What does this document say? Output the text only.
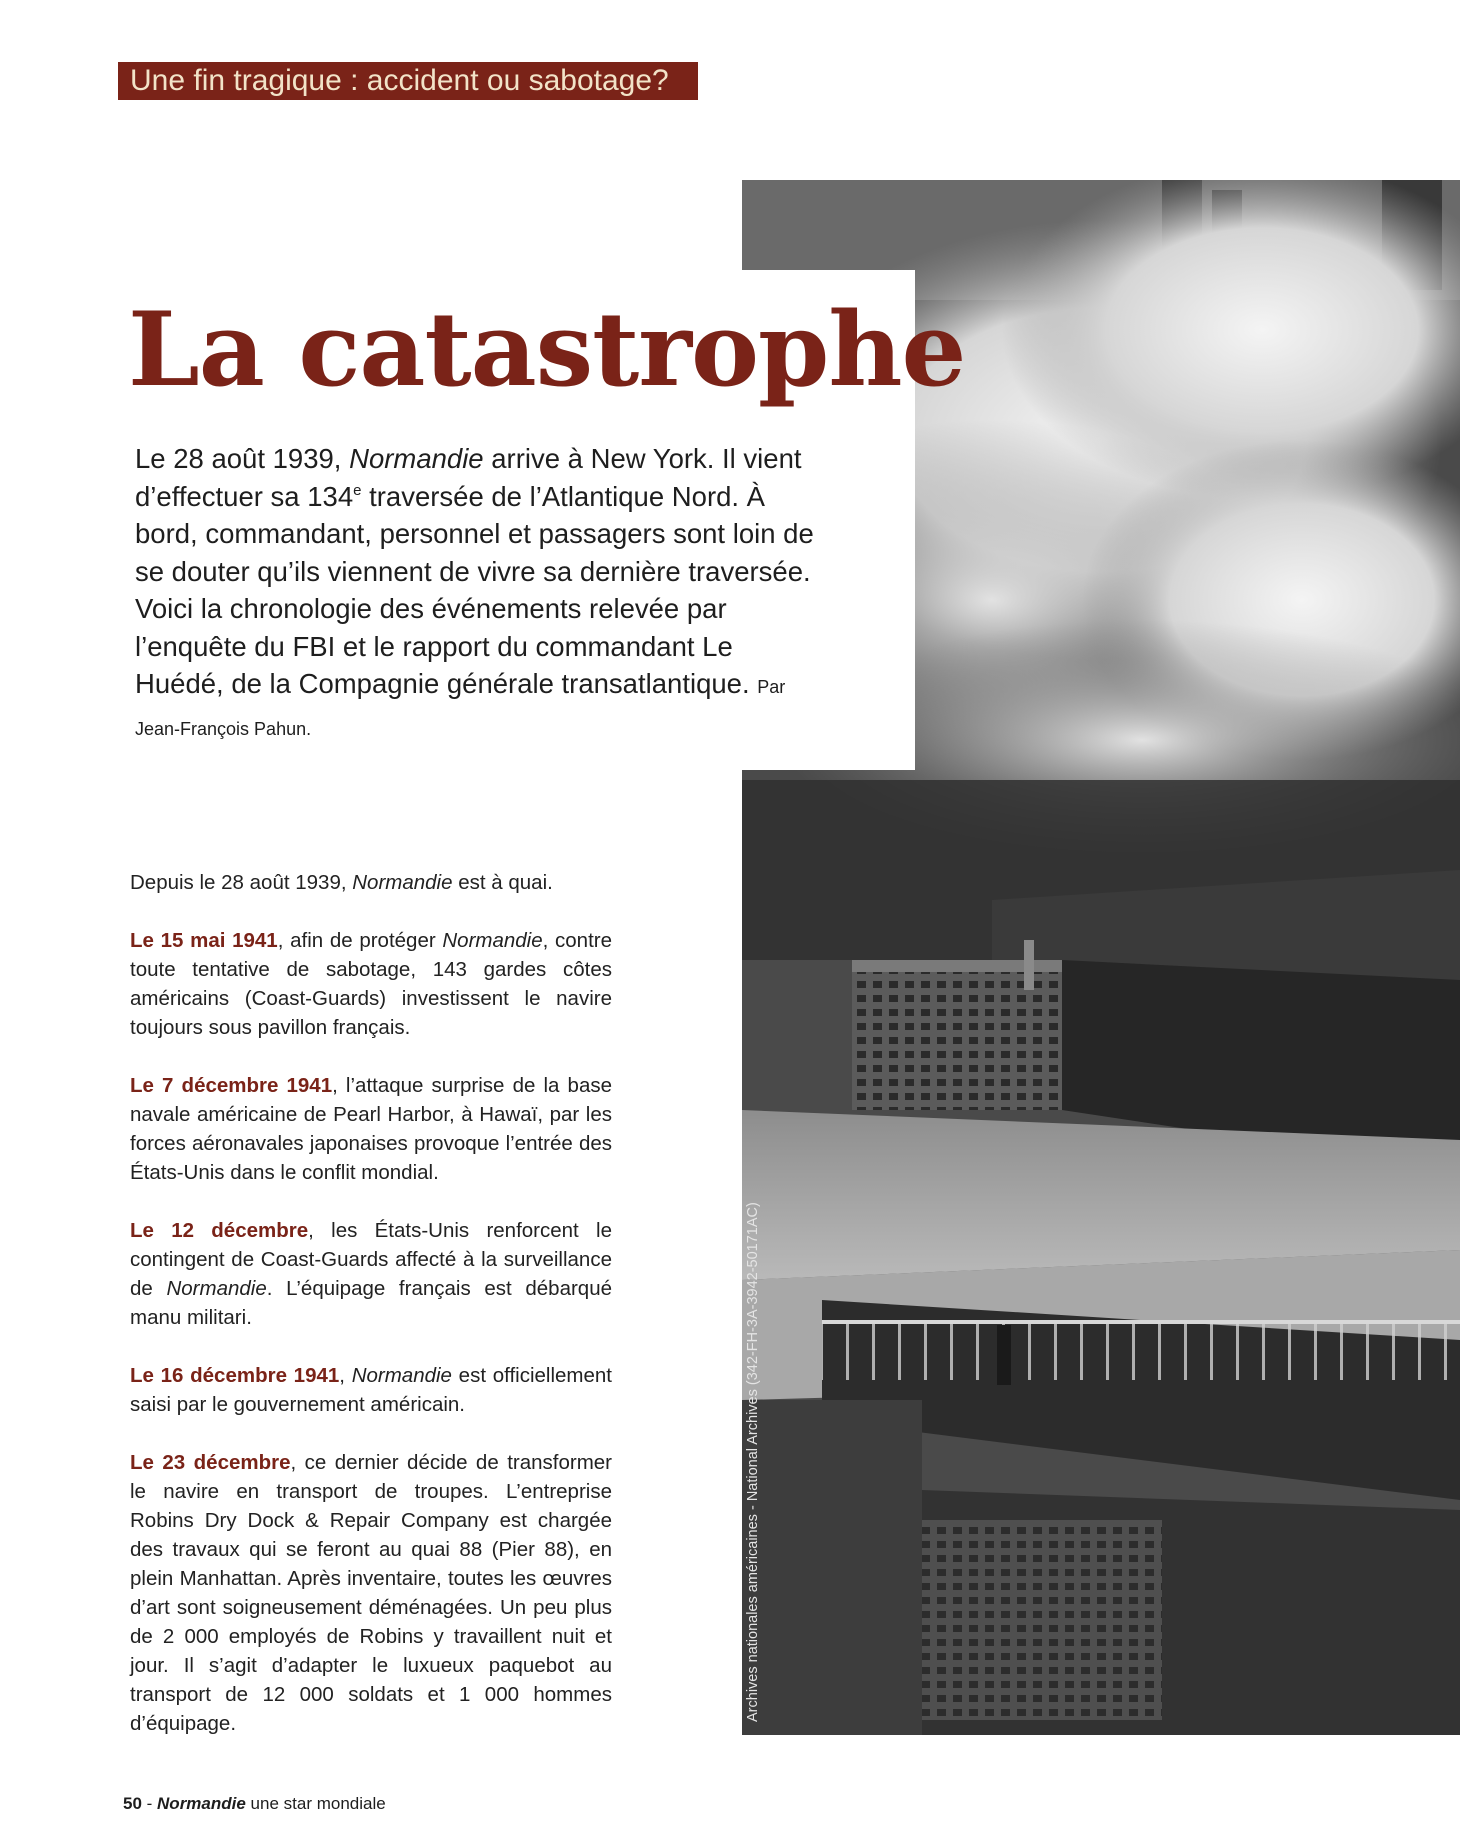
Une fin tragique : accident ou sabotage?
La catastrophe
Le 28 août 1939, Normandie arrive à New York. Il vient d’effectuer sa 134e traversée de l’Atlantique Nord. À bord, commandant, personnel et passagers sont loin de se douter qu’ils viennent de vivre sa dernière traversée. Voici la chronologie des événements relevée par l’enquête du FBI et le rapport du commandant Le Huédé, de la Compagnie générale transatlantique. Par Jean-François Pahun.

Depuis le 28 août 1939, Normandie est à quai.

Le 15 mai 1941, afin de protéger Normandie, contre toute tentative de sabotage, 143 gardes côtes américains (Coast-Guards) investissent le navire toujours sous pavillon français.

Le 7 décembre 1941, l’attaque surprise de la base navale américaine de Pearl Harbor, à Hawaï, par les forces aéronavales japonaises provoque l’entrée des États-Unis dans le conflit mondial.

Le 12 décembre, les États-Unis renforcent le contingent de Coast-Guards affecté à la surveillance de Normandie. L’équipage français est débarqué manu militari.

Le 16 décembre 1941, Normandie est officiellement saisi par le gouvernement américain.

Le 23 décembre, ce dernier décide de transformer le navire en transport de troupes. L’entreprise Robins Dry Dock & Repair Company est chargée des travaux qui se feront au quai 88 (Pier 88), en plein Manhattan. Après inventaire, toutes les œuvres d’art sont soigneusement déménagées. Un peu plus de 2 000 employés de Robins y travaillent nuit et jour. Il s’agit d’adapter le luxueux paquebot au transport de 12 000 soldats et 1 000 hommes d’équipage.

Archives nationales américaines - National Archives (342-FH-3A-3942-50171AC)
50 - Normandie une star mondiale
